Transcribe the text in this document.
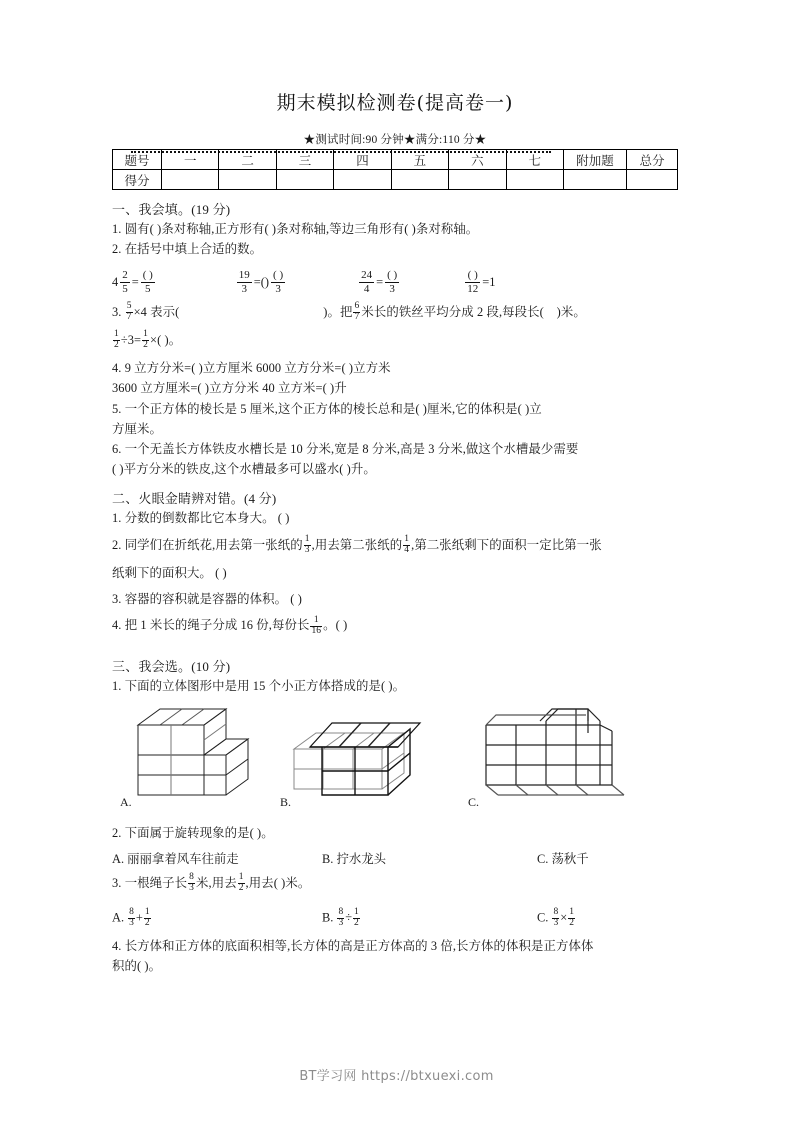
期末模拟检测卷(提高卷一)
★测试时间:90 分钟★满分:110 分★
题号	一	二	三	四	五	六	七	附加题	总分
得分									
一、我会填。(19 分)
1. 圆有( )条对称轴,正方形有( )条对称轴,等边三角形有( )条对称轴。
2. 在括号中填上合适的数。
$4 \frac{2}{5} = \frac{( )}{5}$	$\frac{19}{3}$ =( ) $\frac{( )}{3}$	$\frac{24}{4} = \frac{( )}{3}$	$\frac{( )}{12} =1$
3. $\frac{5}{7} \times 4$ 表示(	)。把 $\frac{6}{7}$ 米长的铁丝平均分成 2 段,每段长( )米。
$\frac{1}{2} \div 3= \frac{1}{2}$ ×( )。
4. 9 立方分米=( )立方厘米 6000 立方分米=( )立方米
3600 立方厘米=( )立方分米 40 立方米=( )升
5. 一个正方体的棱长是 5 厘米,这个正方体的棱长总和是( )厘米,它的体积是( )立
方厘米。
6. 一个无盖长方体铁皮水槽长是 10 分米,宽是 8 分米,高是 3 分米,做这个水槽最少需要
( )平方分米的铁皮,这个水槽最多可以盛水( )升。
二、火眼金睛辨对错。(4 分)
1. 分数的倒数都比它本身大。 ( )
2. 同学们在折纸花,用去第一张纸的 $\frac{1}{3}$ ,用去第二张纸的 $\frac{1}{4}$ ,第二张纸剩下的面积一定比第一张
纸剩下的面积大。 ( )
3. 容器的容积就是容器的体积。 ( )
4. 把 1 米长的绳子分成 16 份,每份长 $\frac{1}{16}$ 。( )
三、我会选。(10 分)
1. 下面的立体图形中是用 15 个小正方体搭成的是( )。
A.	B.	C.
2. 下面属于旋转现象的是( )。
A. 丽丽拿着风车往前走	B. 拧水龙头	C. 荡秋千
3. 一根绳子长 $\frac{8}{3}$ 米,用去 $\frac{1}{2}$ ,用去( )米。
A. $\frac{8}{3} + \frac{1}{2}$	B. $\frac{8}{3} \div \frac{1}{2}$	C. $\frac{8}{3} \times \frac{1}{2}$
4. 长方体和正方体的底面积相等,长方体的高是正方体高的 3 倍,长方体的体积是正方体体
积的( )。
BT学习网 https://btxuexi.com
